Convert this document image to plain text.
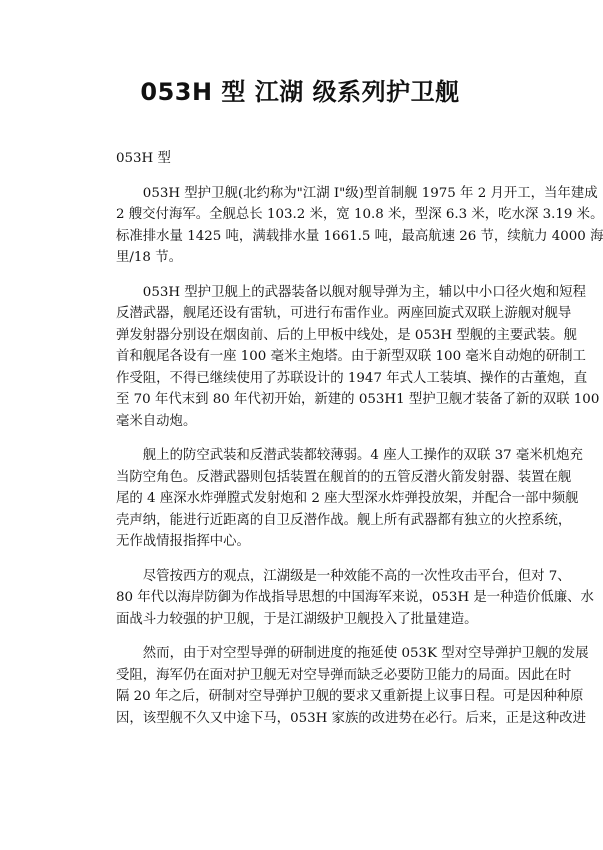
053H 型 江湖 级系列护卫舰

053H 型

053H 型护卫舰(北约称为"江湖 I"级)型首制舰 1975 年 2 月开工，当年建成
2 艘交付海军。全舰总长 103.2 米，宽 10.8 米，型深 6.3 米，吃水深 3.19 米。
标准排水量 1425 吨，满载排水量 1661.5 吨，最高航速 26 节，续航力 4000 海
里/18 节。

053H 型护卫舰上的武器装备以舰对舰导弹为主，辅以中小口径火炮和短程
反潜武器，舰尾还设有雷轨，可进行布雷作业。两座回旋式双联上游舰对舰导
弹发射器分别设在烟囱前、后的上甲板中线处，是 053H 型舰的主要武装。舰
首和舰尾各设有一座 100 毫米主炮塔。由于新型双联 100 毫米自动炮的研制工
作受阻，不得已继续使用了苏联设计的 1947 年式人工装填、操作的古董炮，直
至 70 年代末到 80 年代初开始，新建的 053H1 型护卫舰才装备了新的双联 100
毫米自动炮。

舰上的防空武装和反潜武装都较薄弱。4 座人工操作的双联 37 毫米机炮充
当防空角色。反潜武器则包括装置在舰首的的五管反潜火箭发射器、装置在舰
尾的 4 座深水炸弹膛式发射炮和 2 座大型深水炸弹投放架，并配合一部中频舰
壳声纳，能进行近距离的自卫反潜作战。舰上所有武器都有独立的火控系统，
无作战情报指挥中心。

尽管按西方的观点，江湖级是一种效能不高的一次性攻击平台，但对 7、
80 年代以海岸防御为作战指导思想的中国海军来说，053H 是一种造价低廉、水
面战斗力较强的护卫舰，于是江湖级护卫舰投入了批量建造。

然而，由于对空型导弹的研制进度的拖延使 053K 型对空导弹护卫舰的发展
受阻，海军仍在面对护卫舰无对空导弹而缺乏必要防卫能力的局面。因此在时
隔 20 年之后，研制对空导弹护卫舰的要求又重新提上议事日程。可是因种种原
因，该型舰不久又中途下马，053H 家族的改进势在必行。后来，正是这种改进
